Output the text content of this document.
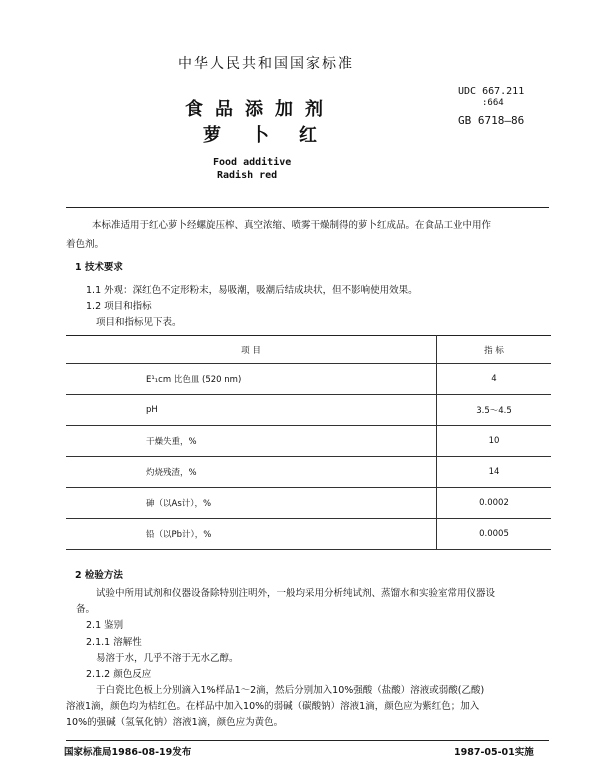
中华人民共和国国家标准
UDC 667.211
:664
GB 6718—86
食品添加剂
萝卜红
Food additive
Radish red
本标准适用于红心萝卜经螺旋压榨、真空浓缩、喷雾干燥制得的萝卜红成品。在食品工业中用作
着色剂。
1 技术要求
1.1 外观：深红色不定形粉末，易吸潮，吸潮后结成块状，但不影响使用效果。
1.2 项目和指标
项目和指标见下表。
项 目	指 标
E¹₁cm 比色皿 (520 nm)	4
pH	3.5～4.5
干燥失重，%	10
灼烧残渣，%	14
砷（以As计），%	0.0002
铅（以Pb计），%	0.0005
2 检验方法
试验中所用试剂和仪器设备除特别注明外，一般均采用分析纯试剂、蒸馏水和实验室常用仪器设
备。
2.1 鉴别
2.1.1 溶解性
易溶于水，几乎不溶于无水乙醇。
2.1.2 颜色反应
于白瓷比色板上分别滴入1%样品1～2滴，然后分别加入10%强酸（盐酸）溶液或弱酸(乙酸)
溶液1滴，颜色均为桔红色。在样品中加入10%的弱碱（碳酸钠）溶液1滴，颜色应为紫红色；加入
10%的强碱（氢氧化钠）溶液1滴，颜色应为黄色。
国家标准局1986-08-19发布	1987-05-01实施
